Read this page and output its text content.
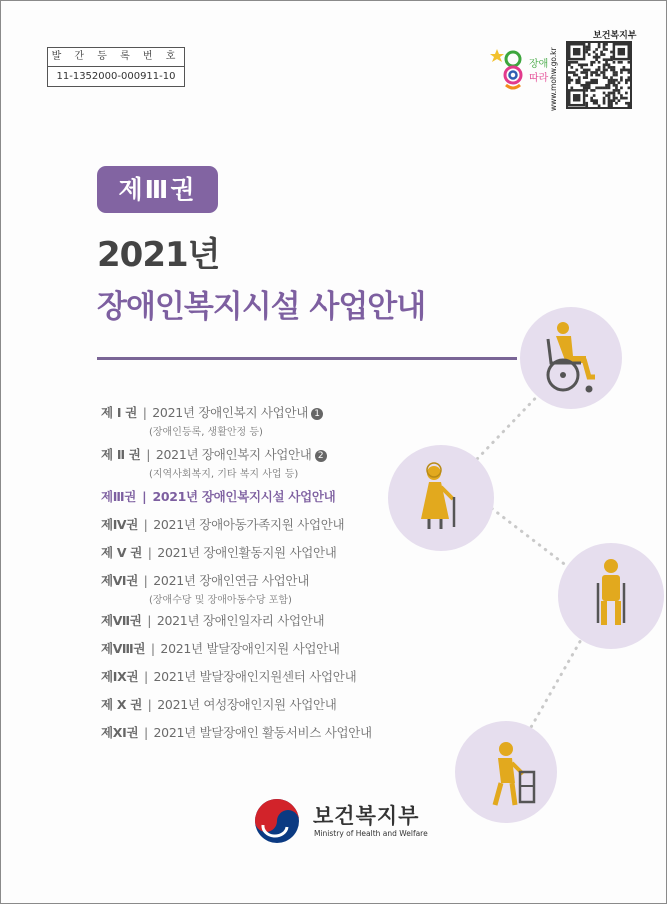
발 간 등 록 번 호
11-1352000-000911-10
장애
따라
보건복지부
www.mohw.go.kr
제Ⅲ권
2021년
장애인복지시설 사업안내
제 Ⅰ 권 | 2021년 장애인복지 사업안내 1
(장애인등록, 생활안정 등)
제 Ⅱ 권 | 2021년 장애인복지 사업안내 2
(지역사회복지, 기타 복지 사업 등)
제Ⅲ권 | 2021년 장애인복지시설 사업안내
제Ⅳ권 | 2021년 장애아동가족지원 사업안내
제 Ⅴ 권 | 2021년 장애인활동지원 사업안내
제Ⅵ권 | 2021년 장애인연금 사업안내
(장애수당 및 장애아동수당 포함)
제Ⅶ권 | 2021년 장애인일자리 사업안내
제Ⅷ권 | 2021년 발달장애인지원 사업안내
제Ⅸ권 | 2021년 발달장애인지원센터 사업안내
제 Ⅹ 권 | 2021년 여성장애인지원 사업안내
제Ⅺ권 | 2021년 발달장애인 활동서비스 사업안내
보건복지부
Ministry of Health and Welfare
